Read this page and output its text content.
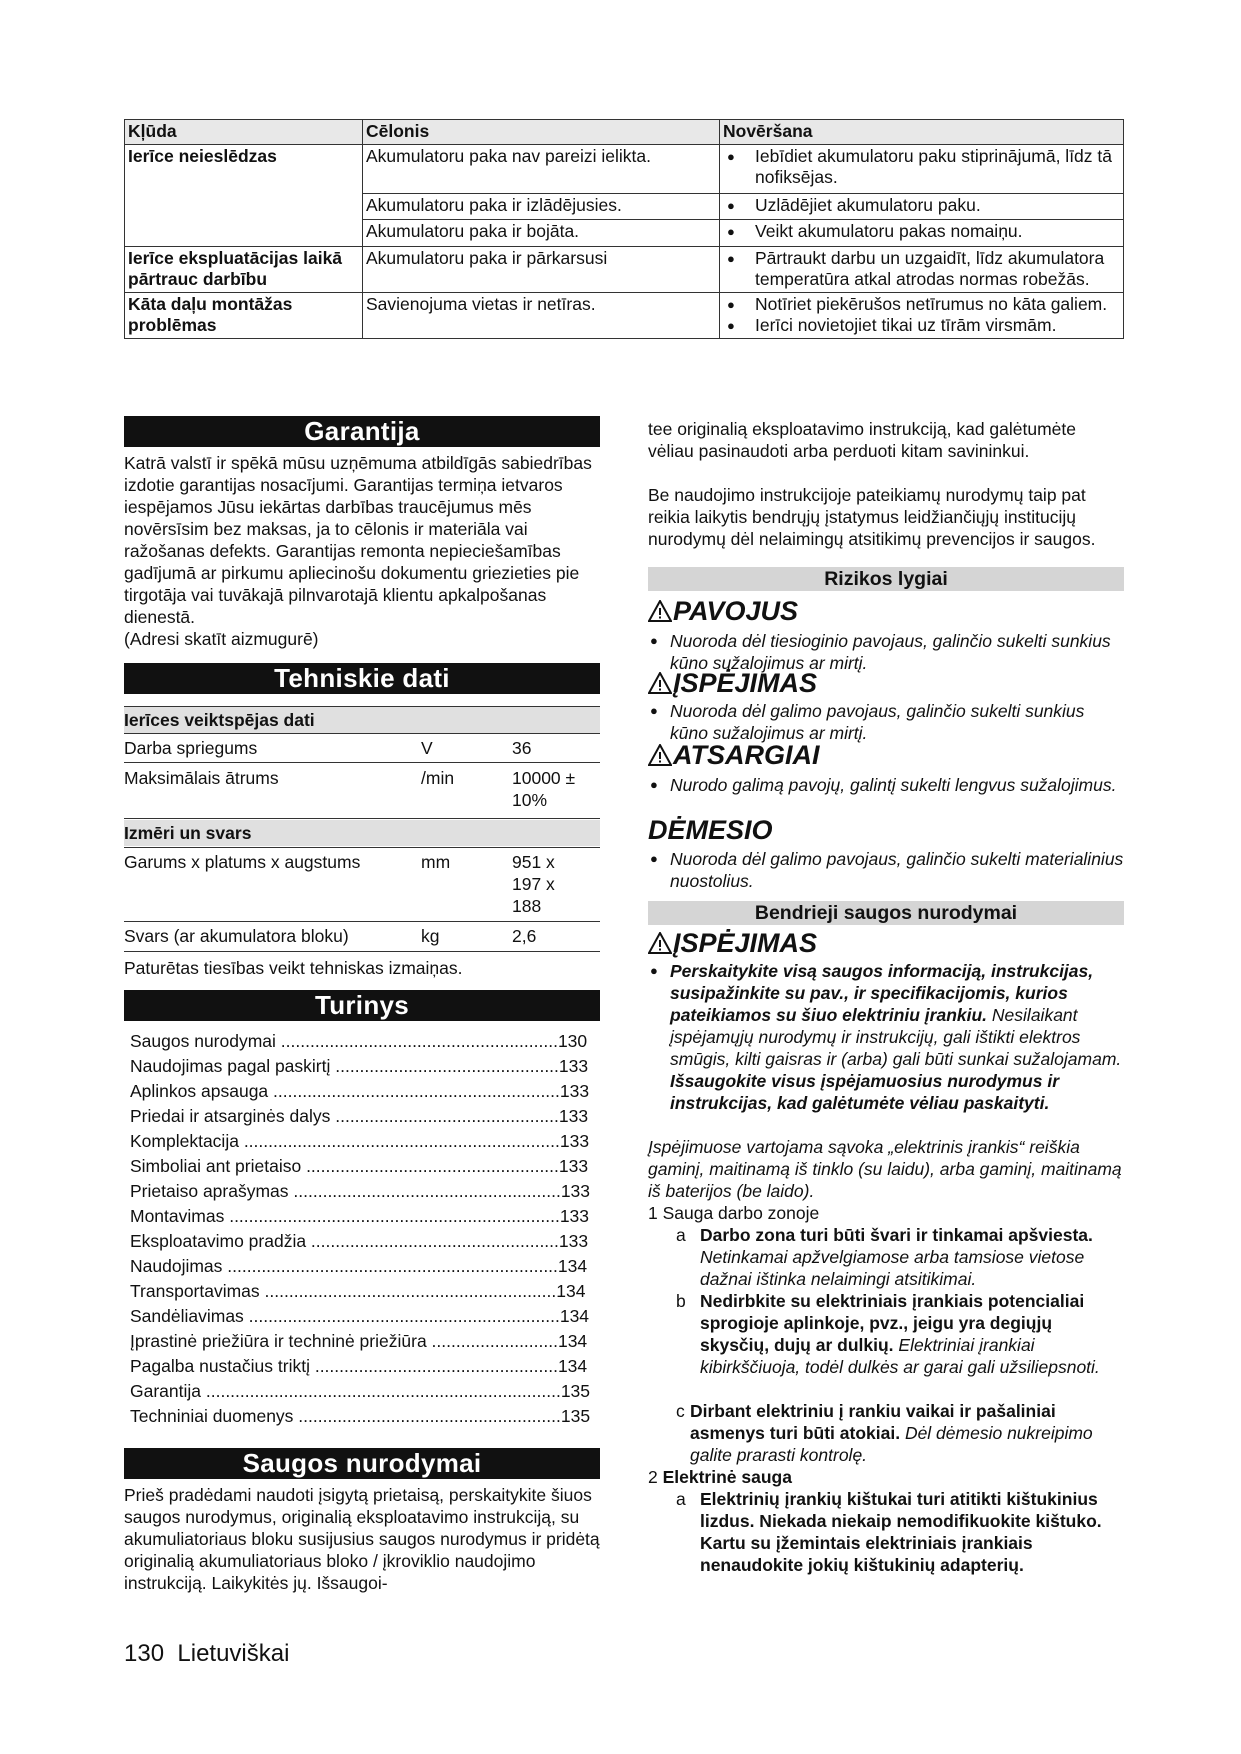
Kļūda	Cēlonis	Novēršana
Ierīce neieslēdzas	Akumulatoru paka nav pareizi ielikta.	● Iebīdiet akumulatoru paku stiprinājumā, līdz tā nofiksējas.

	Akumulatoru paka ir izlādējusies.	● Uzlādējiet akumulatoru paku.

	Akumulatoru paka ir bojāta.	● Veikt akumulatoru pakas nomaiņu.

Ierīce ekspluatācijas laikā pārtrauc darbību	Akumulatoru paka ir pārkarsusi	● Pārtraukt darbu un uzgaidīt, līdz akumulatora temperatūra atkal atrodas normas robežās.

Kāta daļu montāžas problēmas	Savienojuma vietas ir netīras.	● Notīriet piekērušos netīrumus no kāta galiem.
● Ierīci novietojiet tikai uz tīrām virsmām.
Garantija
Katrā valstī ir spēkā mūsu uzņēmuma atbildīgās sabiedrības izdotie garantijas nosacījumi. Garantijas termiņa ietvaros iespējamos Jūsu iekārtas darbības traucējumus mēs novērsīsim bez maksas, ja to cēlonis ir materiāla vai ražošanas defekts. Garantijas remonta nepieciešamības gadījumā ar pirkumu apliecinošu dokumentu griezieties pie tirgotāja vai tuvākajā pilnvarotajā klientu apkalpošanas dienestā.
(Adresi skatīt aizmugurē)
Tehniskie dati
Ierīces veiktspējas dati
Darba spriegums	V	36
Maksimālais ātrums	/min	10000 ± 10%
Izmēri un svars
Garums x platums x augstums	mm	951 x 197 x 188
Svars (ar akumulatora bloku)	kg	2,6
Paturētas tiesības veikt tehniskas izmaiņas.
Turinys
Saugos nurodymai .........................................................130
Naudojimas pagal paskirtį ..............................................133
Aplinkos apsauga ...........................................................133
Priedai ir atsarginės dalys ..............................................133
Komplektacija .................................................................133
Simboliai ant prietaiso ....................................................133
Prietaiso aprašymas .......................................................133
Montavimas ....................................................................133
Eksploatavimo pradžia ...................................................133
Naudojimas ....................................................................134
Transportavimas ............................................................134
Sandėliavimas ................................................................134
Įprastinė priežiūra ir techninė priežiūra ..........................134
Pagalba nustačius triktį ..................................................134
Garantija .........................................................................135
Techniniai duomenys ......................................................135
Saugos nurodymai
Prieš pradėdami naudoti įsigytą prietaisą, perskaitykite šiuos saugos nurodymus, originalią eksploatavimo instrukciją, su akumuliatoriaus bloku susijusius saugos nurodymus ir pridėtą originalią akumuliatoriaus bloko / įkroviklio naudojimo instrukciją. Laikykitės jų. Išsaugoi-
130 Lietuviškai
tee originalią eksploatavimo instrukciją, kad galėtumėte vėliau pasinaudoti arba perduoti kitam savininkui.
Be naudojimo instrukcijoje pateikiamų nurodymų taip pat reikia laikytis bendrųjų įstatymus leidžiančiųjų institucijų nurodymų dėl nelaimingų atsitikimų prevencijos ir saugos.
Rizikos lygiai
PAVOJUS
● Nuoroda dėl tiesioginio pavojaus, galinčio sukelti sunkius kūno sužalojimus ar mirtį.
ĮSPĖJIMAS
● Nuoroda dėl galimo pavojaus, galinčio sukelti sunkius kūno sužalojimus ar mirtį.
ATSARGIAI
● Nurodo galimą pavojų, galintį sukelti lengvus sužalojimus.
DĖMESIO
● Nuoroda dėl galimo pavojaus, galinčio sukelti materialinius nuostolius.
Bendrieji saugos nurodymai
ĮSPĖJIMAS
● Perskaitykite visą saugos informaciją, instrukcijas, susipažinkite su pav., ir specifikacijomis, kurios pateikiamos su šiuo elektriniu įrankiu. Nesilaikant įspėjamųjų nurodymų ir instrukcijų, gali ištikti elektros smūgis, kilti gaisras ir (arba) gali būti sunkai sužalojamam. Išsaugokite visus įspėjamuosius nurodymus ir instrukcijas, kad galėtumėte vėliau paskaityti.
Įspėjimuose vartojama sąvoka „elektrinis įrankis“ reiškia gaminį, maitinamą iš tinklo (su laidu), arba gaminį, maitinamą iš baterijos (be laido).
1 Sauga darbo zonoje
a Darbo zona turi būti švari ir tinkamai apšviesta. Netinkamai apžvelgiamose arba tamsiose vietose dažnai ištinka nelaimingi atsitikimai.
b Nedirbkite su elektriniais įrankiais potencialiai sprogioje aplinkoje, pvz., jeigu yra degiųjų skysčių, dujų ar dulkių. Elektriniai įrankiai kibirkščiuoja, todėl dulkės ar garai gali užsiliepsnoti.
c Dirbant elektriniu į rankiu vaikai ir pašaliniai asmenys turi būti atokiai. Dėl dėmesio nukreipimo galite prarasti kontrolę.
2 Elektrinė sauga
a Elektrinių įrankių kištukai turi atitikti kištukinius lizdus. Niekada niekaip nemodifikuokite kištuko. Kartu su įžemintais elektriniais įrankiais nenaudokite jokių kištukinių adapterių.
